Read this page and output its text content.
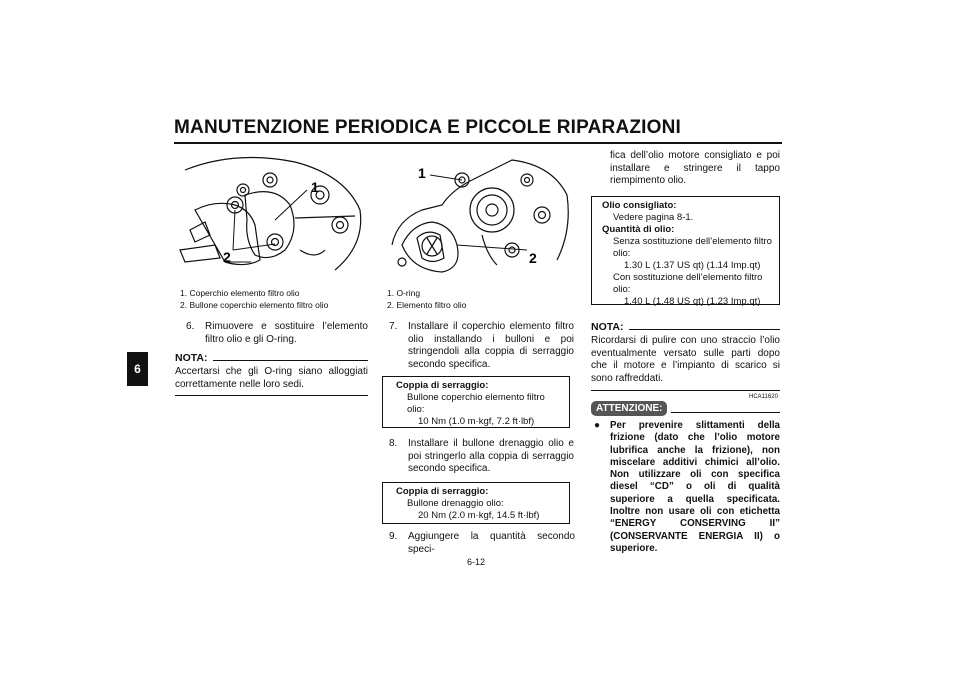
MANUTENZIONE PERIODICA E PICCOLE RIPARAZIONI
6
1
2
1. Coperchio elemento filtro olio
2. Bullone coperchio elemento filtro olio
6. Rimuovere e sostituire l’elemento filtro olio e gli O-ring.
NOTA:
Accertarsi che gli O-ring siano alloggiati correttamente nelle loro sedi.
1
2
1. O-ring
2. Elemento filtro olio
7. Installare il coperchio elemento filtro olio installando i bulloni e poi stringendoli alla coppia di serraggio secondo specifica.
Coppia di serraggio:
Bullone coperchio elemento filtro
olio:
10 Nm (1.0 m·kgf, 7.2 ft·lbf)
8. Installare il bullone drenaggio olio e poi stringerlo alla coppia di serraggio secondo specifica.
Coppia di serraggio:
Bullone drenaggio olio:
20 Nm (2.0 m·kgf, 14.5 ft·lbf)
9. Aggiungere la quantità secondo speci-
6-12
fica dell’olio motore consigliato e poi installare e stringere il tappo riempimento olio.
Olio consigliato:
Vedere pagina 8-1.
Quantità di olio:
Senza sostituzione dell’elemento filtro olio:
1.30 L (1.37 US qt) (1.14 Imp.qt)
Con sostituzione dell’elemento filtro olio:
1.40 L (1.48 US qt) (1.23 Imp.qt)
NOTA:
Ricordarsi di pulire con uno straccio l’olio eventualmente versato sulle parti dopo che il motore e l’impianto di scarico si sono raffreddati.
HCA11620
ATTENZIONE:
● Per prevenire slittamenti della frizione (dato che l’olio motore lubrifica anche la frizione), non miscelare additivi chimici all’olio. Non utilizzare oli con specifica diesel “CD” o oli di qualità superiore a quella specificata. Inoltre non usare oli con etichetta “ENERGY CONSERVING II” (CONSERVANTE ENERGIA II) o superiore.
